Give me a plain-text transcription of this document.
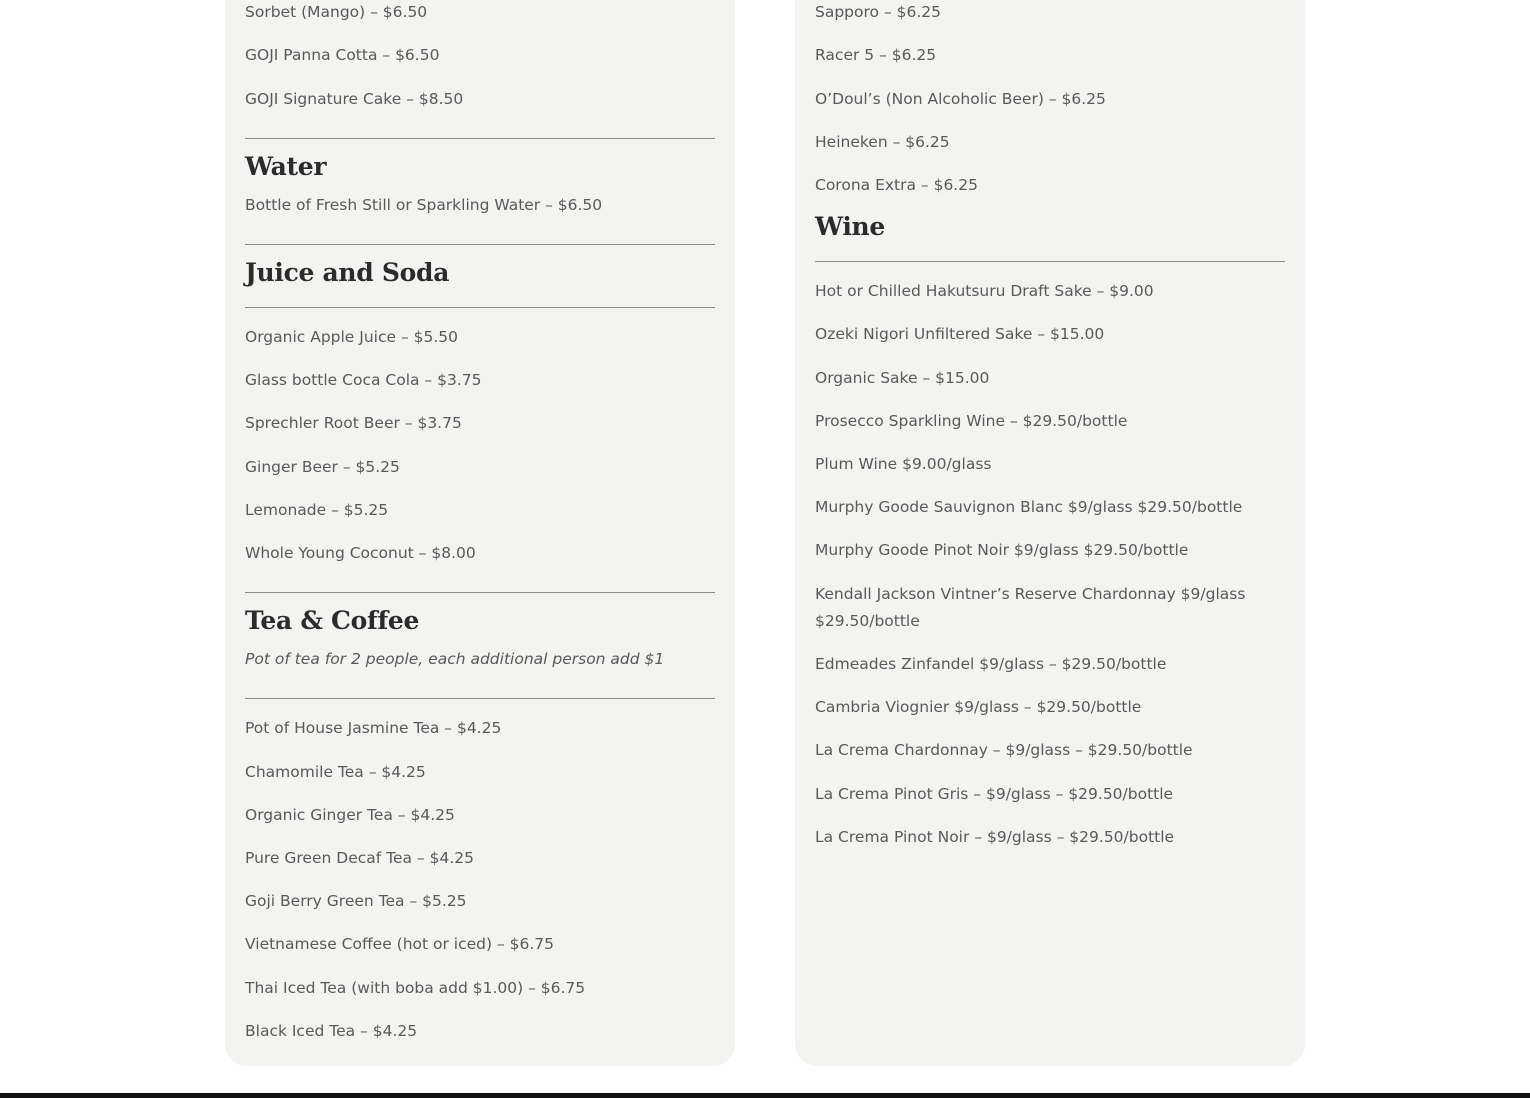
Sorbet (Mango) – $6.50

GOJI Panna Cotta – $6.50

GOJI Signature Cake – $8.50

Water

Bottle of Fresh Still or Sparkling Water – $6.50

Juice and Soda

Organic Apple Juice – $5.50

Glass bottle Coca Cola – $3.75

Sprechler Root Beer – $3.75

Ginger Beer – $5.25

Lemonade – $5.25

Whole Young Coconut – $8.00

Tea & Coffee

Pot of tea for 2 people, each additional person add $1

Pot of House Jasmine Tea – $4.25

Chamomile Tea – $4.25

Organic Ginger Tea – $4.25

Pure Green Decaf Tea – $4.25

Goji Berry Green Tea – $5.25

Vietnamese Coffee (hot or iced) – $6.75

Thai Iced Tea (with boba add $1.00) – $6.75

Black Iced Tea – $4.25

Sapporo – $6.25

Racer 5 – $6.25

O’Doul’s (Non Alcoholic Beer) – $6.25

Heineken – $6.25

Corona Extra – $6.25

Wine

Hot or Chilled Hakutsuru Draft Sake – $9.00

Ozeki Nigori Unfiltered Sake – $15.00

Organic Sake – $15.00

Prosecco Sparkling Wine – $29.50/bottle

Plum Wine $9.00/glass

Murphy Goode Sauvignon Blanc $9/glass $29.50/bottle

Murphy Goode Pinot Noir $9/glass $29.50/bottle

Kendall Jackson Vintner’s Reserve Chardonnay $9/glass $29.50/bottle

Edmeades Zinfandel $9/glass – $29.50/bottle

Cambria Viognier $9/glass – $29.50/bottle

La Crema Chardonnay – $9/glass – $29.50/bottle

La Crema Pinot Gris – $9/glass – $29.50/bottle

La Crema Pinot Noir – $9/glass – $29.50/bottle
